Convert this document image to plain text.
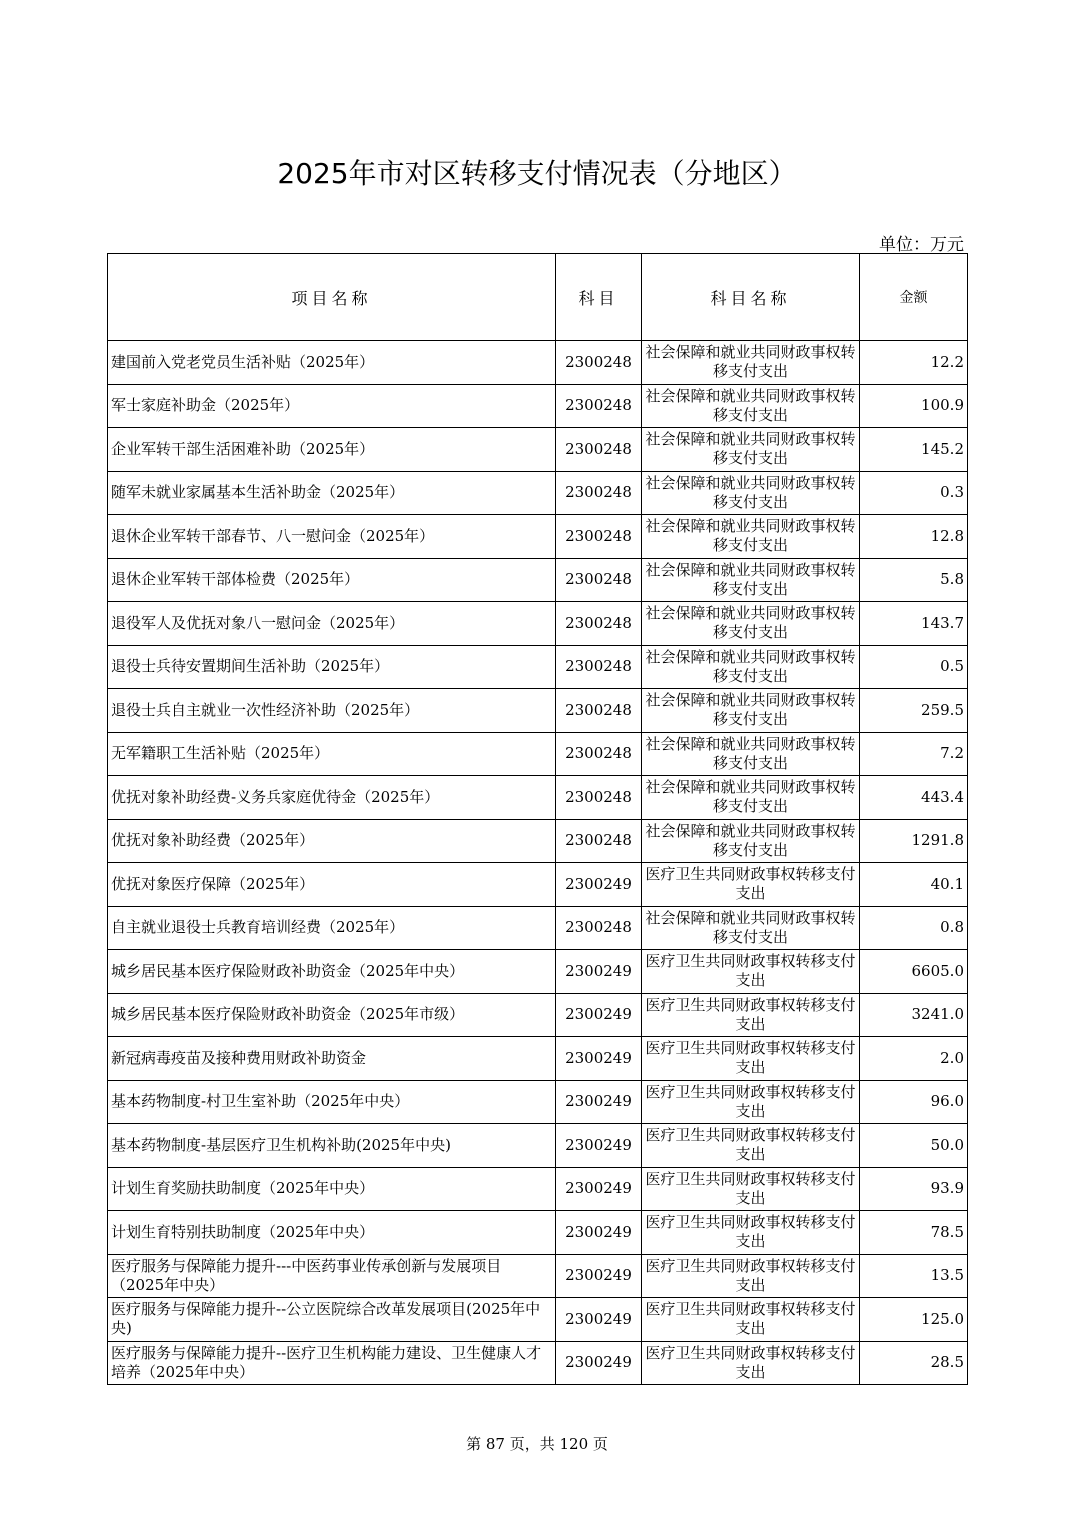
2025年市对区转移支付情况表（分地区）
单位：万元
项目名称	科目	科目名称	金额
建国前入党老党员生活补贴（2025年）	2300248	社会保障和就业共同财政事权转移支付支出	12.2
军士家庭补助金（2025年）	2300248	社会保障和就业共同财政事权转移支付支出	100.9
企业军转干部生活困难补助（2025年）	2300248	社会保障和就业共同财政事权转移支付支出	145.2
随军未就业家属基本生活补助金（2025年）	2300248	社会保障和就业共同财政事权转移支付支出	0.3
退休企业军转干部春节、八一慰问金（2025年）	2300248	社会保障和就业共同财政事权转移支付支出	12.8
退休企业军转干部体检费（2025年）	2300248	社会保障和就业共同财政事权转移支付支出	5.8
退役军人及优抚对象八一慰问金（2025年）	2300248	社会保障和就业共同财政事权转移支付支出	143.7
退役士兵待安置期间生活补助（2025年）	2300248	社会保障和就业共同财政事权转移支付支出	0.5
退役士兵自主就业一次性经济补助（2025年）	2300248	社会保障和就业共同财政事权转移支付支出	259.5
无军籍职工生活补贴（2025年）	2300248	社会保障和就业共同财政事权转移支付支出	7.2
优抚对象补助经费-义务兵家庭优待金（2025年）	2300248	社会保障和就业共同财政事权转移支付支出	443.4
优抚对象补助经费（2025年）	2300248	社会保障和就业共同财政事权转移支付支出	1291.8
优抚对象医疗保障（2025年）	2300249	医疗卫生共同财政事权转移支付支出	40.1
自主就业退役士兵教育培训经费（2025年）	2300248	社会保障和就业共同财政事权转移支付支出	0.8
城乡居民基本医疗保险财政补助资金（2025年中央）	2300249	医疗卫生共同财政事权转移支付支出	6605.0
城乡居民基本医疗保险财政补助资金（2025年市级）	2300249	医疗卫生共同财政事权转移支付支出	3241.0
新冠病毒疫苗及接种费用财政补助资金	2300249	医疗卫生共同财政事权转移支付支出	2.0
基本药物制度-村卫生室补助（2025年中央）	2300249	医疗卫生共同财政事权转移支付支出	96.0
基本药物制度-基层医疗卫生机构补助(2025年中央)	2300249	医疗卫生共同财政事权转移支付支出	50.0
计划生育奖励扶助制度（2025年中央）	2300249	医疗卫生共同财政事权转移支付支出	93.9
计划生育特别扶助制度（2025年中央）	2300249	医疗卫生共同财政事权转移支付支出	78.5
医疗服务与保障能力提升---中医药事业传承创新与发展项目（2025年中央）	2300249	医疗卫生共同财政事权转移支付支出	13.5
医疗服务与保障能力提升--公立医院综合改革发展项目(2025年中央)	2300249	医疗卫生共同财政事权转移支付支出	125.0
医疗服务与保障能力提升--医疗卫生机构能力建设、卫生健康人才培养（2025年中央）	2300249	医疗卫生共同财政事权转移支付支出	28.5
第 87 页，共 120 页
